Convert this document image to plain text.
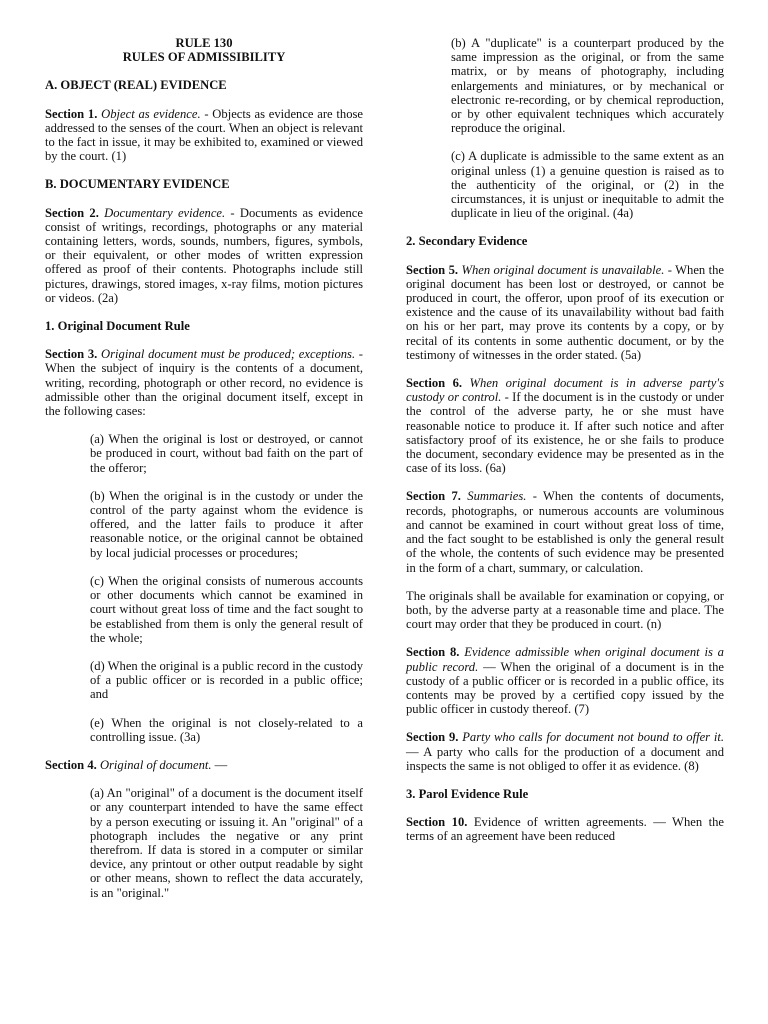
RULE 130

RULES OF ADMISSIBILITY

A. OBJECT (REAL) EVIDENCE

Section 1. Object as evidence. - Objects as evidence are those addressed to the senses of the court. When an object is relevant to the fact in issue, it may be exhibited to, examined or viewed by the court. (1)

B. DOCUMENTARY EVIDENCE

Section 2. Documentary evidence. - Documents as evidence consist of writings, recordings, photographs or any material containing letters, words, sounds, numbers, figures, symbols, or their equivalent, or other modes of written expression offered as proof of their contents. Photographs include still pictures, drawings, stored images, x-ray films, motion pictures or videos. (2a)

1. Original Document Rule

Section 3. Original document must be produced; exceptions. - When the subject of inquiry is the contents of a document, writing, recording, photograph or other record, no evidence is admissible other than the original document itself, except in the following cases:

(a) When the original is lost or destroyed, or cannot be produced in court, without bad faith on the part of the offeror;

(b) When the original is in the custody or under the control of the party against whom the evidence is offered, and the latter fails to produce it after reasonable notice, or the original cannot be obtained by local judicial processes or procedures;

(c) When the original consists of numerous accounts or other documents which cannot be examined in court without great loss of time and the fact sought to be established from them is only the general result of the whole;

(d) When the original is a public record in the custody of a public officer or is recorded in a public office; and

(e) When the original is not closely-related to a controlling issue. (3a)

Section 4. Original of document. —

(a) An "original" of a document is the document itself or any counterpart intended to have the same effect by a person executing or issuing it. An "original" of a photograph includes the negative or any print therefrom. If data is stored in a computer or similar device, any printout or other output readable by sight or other means, shown to reflect the data accurately, is an "original."

(b) A "duplicate" is a counterpart produced by the same impression as the original, or from the same matrix, or by means of photography, including enlargements and miniatures, or by mechanical or electronic re-recording, or by chemical reproduction, or by other equivalent techniques which accurately reproduce the original.

(c) A duplicate is admissible to the same extent as an original unless (1) a genuine question is raised as to the authenticity of the original, or (2) in the circumstances, it is unjust or inequitable to admit the duplicate in lieu of the original. (4a)

2. Secondary Evidence

Section 5. When original document is unavailable. - When the original document has been lost or destroyed, or cannot be produced in court, the offeror, upon proof of its execution or existence and the cause of its unavailability without bad faith on his or her part, may prove its contents by a copy, or by recital of its contents in some authentic document, or by the testimony of witnesses in the order stated. (5a)

Section 6. When original document is in adverse party's custody or control. - If the document is in the custody or under the control of the adverse party, he or she must have reasonable notice to produce it. If after such notice and after satisfactory proof of its existence, he or she fails to produce the document, secondary evidence may be presented as in the case of its loss. (6a)

Section 7. Summaries. - When the contents of documents, records, photographs, or numerous accounts are voluminous and cannot be examined in court without great loss of time, and the fact sought to be established is only the general result of the whole, the contents of such evidence may be presented in the form of a chart, summary, or calculation.

The originals shall be available for examination or copying, or both, by the adverse party at a reasonable time and place. The court may order that they be produced in court. (n)

Section 8. Evidence admissible when original document is a public record. — When the original of a document is in the custody of a public officer or is recorded in a public office, its contents may be proved by a certified copy issued by the public officer in custody thereof. (7)

Section 9. Party who calls for document not bound to offer it. — A party who calls for the production of a document and inspects the same is not obliged to offer it as evidence. (8)

3. Parol Evidence Rule

Section 10. Evidence of written agreements. — When the terms of an agreement have been reduced
